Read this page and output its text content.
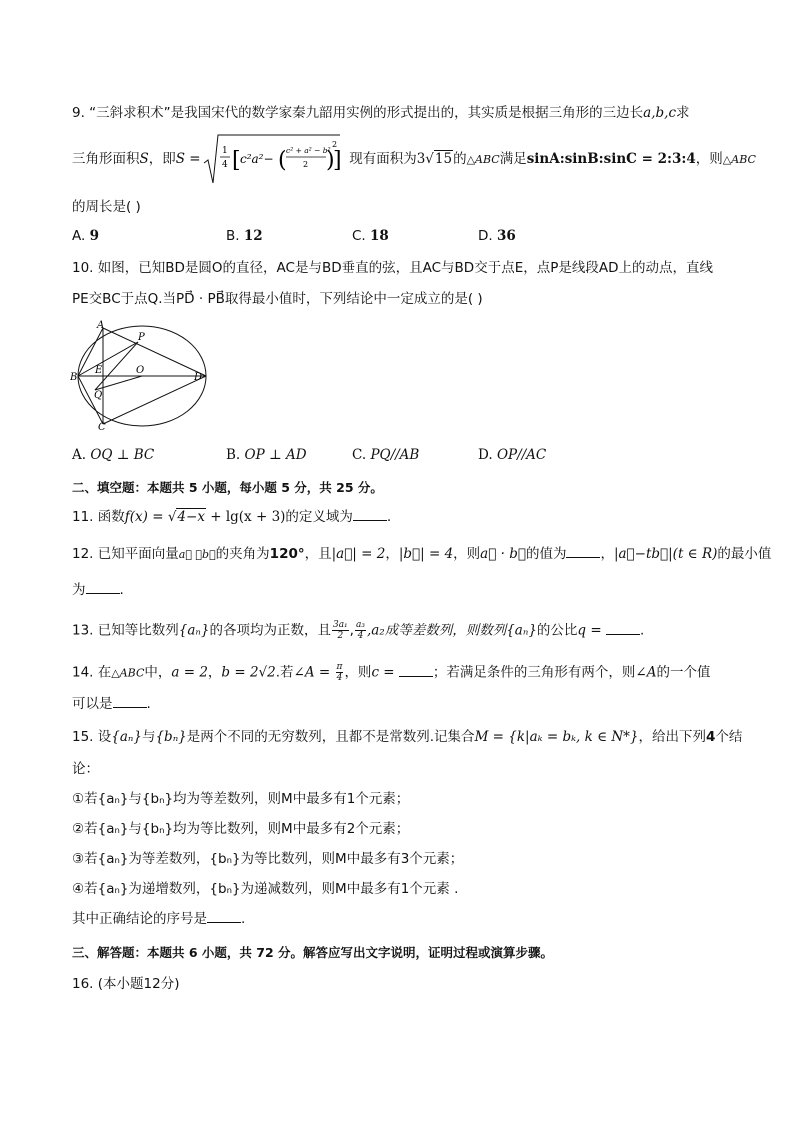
9. “三斜求积术”是我国宋代的数学家秦九韶用实例的形式提出的，其实质是根据三角形的三边长a,b,c求
三角形面积S，即S =	现有面积为3√15的△ABC满足sinA:sinB:sinC = 2:3:4，则△ABC
1
4 [ c²a²− ( c² + a² − b²
2 )
2
]
的周长是( )
A. 9	B. 12	C. 18	D. 36
10. 如图，已知BD是圆O的直径，AC是与BD垂直的弦，且AC与BD交于点E，点P是线段AD上的动点，直线
PE交BC于点Q.当PD⃗ · PB⃗取得最小值时，下列结论中一定成立的是( )
A
P
B
E	O
D
Q
C
A. OQ ⊥ BC	B. OP ⊥ AD	C. PQ//AB	D. OP//AC
二、填空题：本题共 5 小题，每小题 5 分，共 25 分。
11. 函数f(x) = √4−x + lg(x + 3)的定义域为	.
12. 已知平面向量a⃗ ，b⃗的夹角为120°，且|a⃗| = 2，|b⃗| = 4，则a⃗ · b⃗的值为	，|a⃗−tb⃗|(t ∈ R)的最小值
为	.
13. 已知等比数列{aₙ}的各项均为正数，且 $\frac{\text{3a₁}}{2}$ , $\frac{\text{a₃}}{4} ,a_2$成等差数列，则数列{aₙ}的公比q =	.
14. 在△ABC中，a = 2，b = 2√2.若∠A = $\frac{\pi}{4}$ ，则c =	；若满足条件的三角形有两个，则∠A的一个值
可以是	.
15. 设{aₙ}与{bₙ}是两个不同的无穷数列，且都不是常数列.记集合M = {k|aₖ = bₖ, k ∈ N*}，给出下列4个结
论：
①若{aₙ}与{bₙ}均为等差数列，则M中最多有1个元素；
②若{aₙ}与{bₙ}均为等比数列，则M中最多有2个元素；
③若{aₙ}为等差数列，{bₙ}为等比数列，则M中最多有3个元素；
④若{aₙ}为递增数列，{bₙ}为递减数列，则M中最多有1个元素 .
其中正确结论的序号是	.
三、解答题：本题共 6 小题，共 72 分。解答应写出文字说明，证明过程或演算步骤。
16. (本小题12分)
